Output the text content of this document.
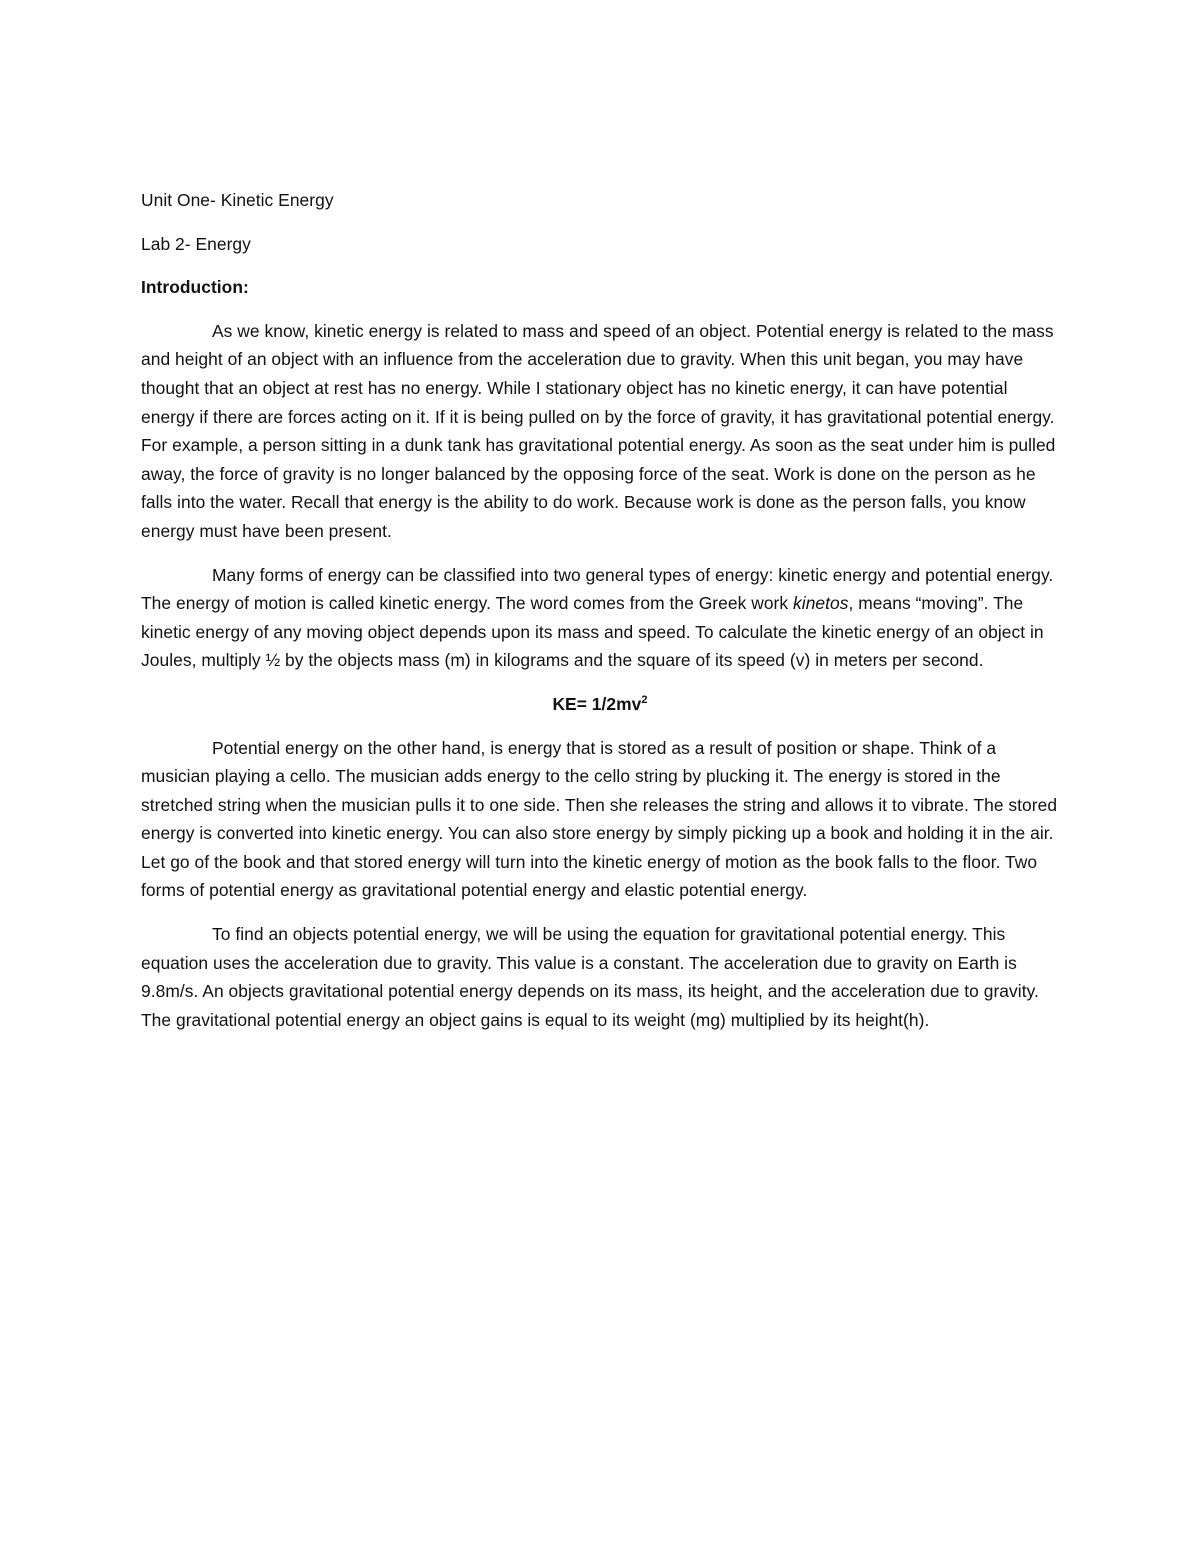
Unit One- Kinetic Energy

Lab 2- Energy

Introduction:

As we know, kinetic energy is related to mass and speed of an object. Potential energy is related to the mass and height of an object with an influence from the acceleration due to gravity. When this unit began, you may have thought that an object at rest has no energy. While I stationary object has no kinetic energy, it can have potential energy if there are forces acting on it. If it is being pulled on by the force of gravity, it has gravitational potential energy. For example, a person sitting in a dunk tank has gravitational potential energy. As soon as the seat under him is pulled away, the force of gravity is no longer balanced by the opposing force of the seat. Work is done on the person as he falls into the water. Recall that energy is the ability to do work. Because work is done as the person falls, you know energy must have been present.

Many forms of energy can be classified into two general types of energy: kinetic energy and potential energy. The energy of motion is called kinetic energy. The word comes from the Greek work kinetos, means “moving”. The kinetic energy of any moving object depends upon its mass and speed. To calculate the kinetic energy of an object in Joules, multiply ½ by the objects mass (m) in kilograms and the square of its speed (v) in meters per second.

$KE= 1/2mv^2$

Potential energy on the other hand, is energy that is stored as a result of position or shape. Think of a musician playing a cello. The musician adds energy to the cello string by plucking it. The energy is stored in the stretched string when the musician pulls it to one side. Then she releases the string and allows it to vibrate. The stored energy is converted into kinetic energy. You can also store energy by simply picking up a book and holding it in the air. Let go of the book and that stored energy will turn into the kinetic energy of motion as the book falls to the floor. Two forms of potential energy as gravitational potential energy and elastic potential energy.

To find an objects potential energy, we will be using the equation for gravitational potential energy. This equation uses the acceleration due to gravity. This value is a constant. The acceleration due to gravity on Earth is 9.8m/s. An objects gravitational potential energy depends on its mass, its height, and the acceleration due to gravity. The gravitational potential energy an object gains is equal to its weight (mg) multiplied by its height(h).
